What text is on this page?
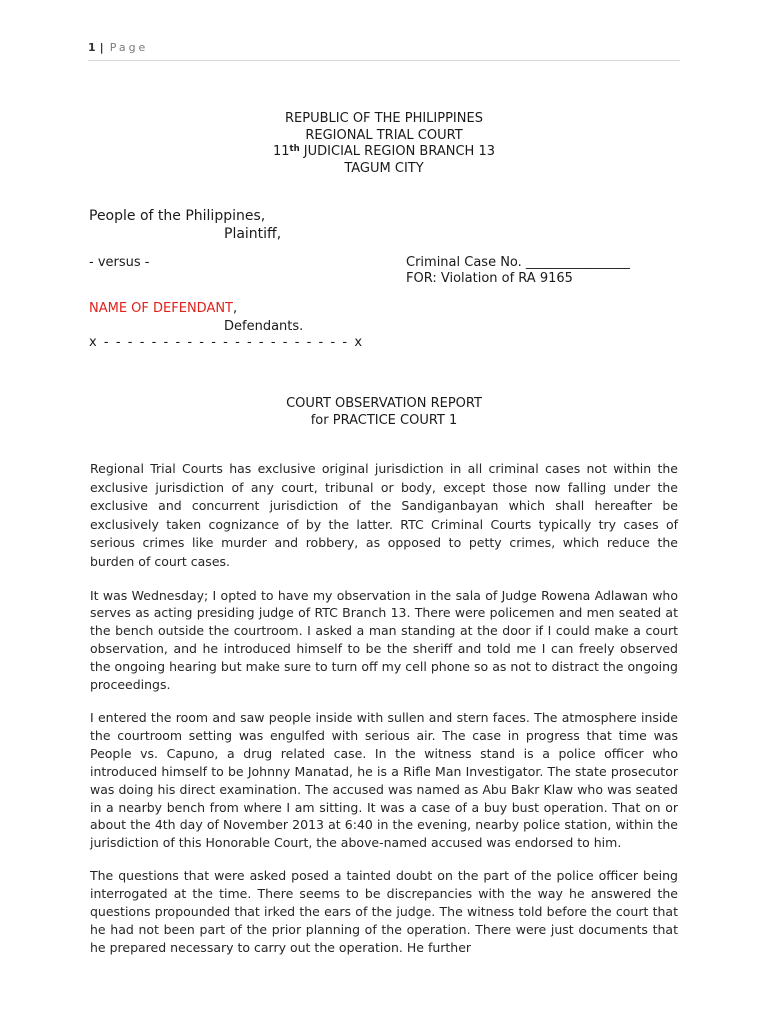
1 | Page
REPUBLIC OF THE PHILIPPINES
REGIONAL TRIAL COURT
11th JUDICIAL REGION BRANCH 13
TAGUM CITY
People of the Philippines,
Plaintiff,
- versus -	Criminal Case No. ________________
FOR: Violation of RA 9165
NAME OF DEFENDANT,
Defendants.
x - - - - - - - - - - - - - - - - - - - - - x
COURT OBSERVATION REPORT
for PRACTICE COURT 1

Regional Trial Courts has exclusive original jurisdiction in all criminal cases not within the exclusive jurisdiction of any court, tribunal or body, except those now falling under the exclusive and concurrent jurisdiction of the Sandiganbayan which shall hereafter be exclusively taken cognizance of by the latter. RTC Criminal Courts typically try cases of serious crimes like murder and robbery, as opposed to petty crimes, which reduce the burden of court cases.

It was Wednesday; I opted to have my observation in the sala of Judge Rowena Adlawan who serves as acting presiding judge of RTC Branch 13. There were policemen and men seated at the bench outside the courtroom. I asked a man standing at the door if I could make a court observation, and he introduced himself to be the sheriff and told me I can freely observed the ongoing hearing but make sure to turn off my cell phone so as not to distract the ongoing proceedings.

I entered the room and saw people inside with sullen and stern faces. The atmosphere inside the courtroom setting was engulfed with serious air. The case in progress that time was People vs. Capuno, a drug related case. In the witness stand is a police officer who introduced himself to be Johnny Manatad, he is a Rifle Man Investigator. The state prosecutor was doing his direct examination. The accused was named as Abu Bakr Klaw who was seated in a nearby bench from where I am sitting. It was a case of a buy bust operation. That on or about the 4th day of November 2013 at 6:40 in the evening, nearby police station, within the jurisdiction of this Honorable Court, the above-named accused was endorsed to him.

The questions that were asked posed a tainted doubt on the part of the police officer being interrogated at the time. There seems to be discrepancies with the way he answered the questions propounded that irked the ears of the judge. The witness told before the court that he had not been part of the prior planning of the operation. There were just documents that he prepared necessary to carry out the operation. He further
